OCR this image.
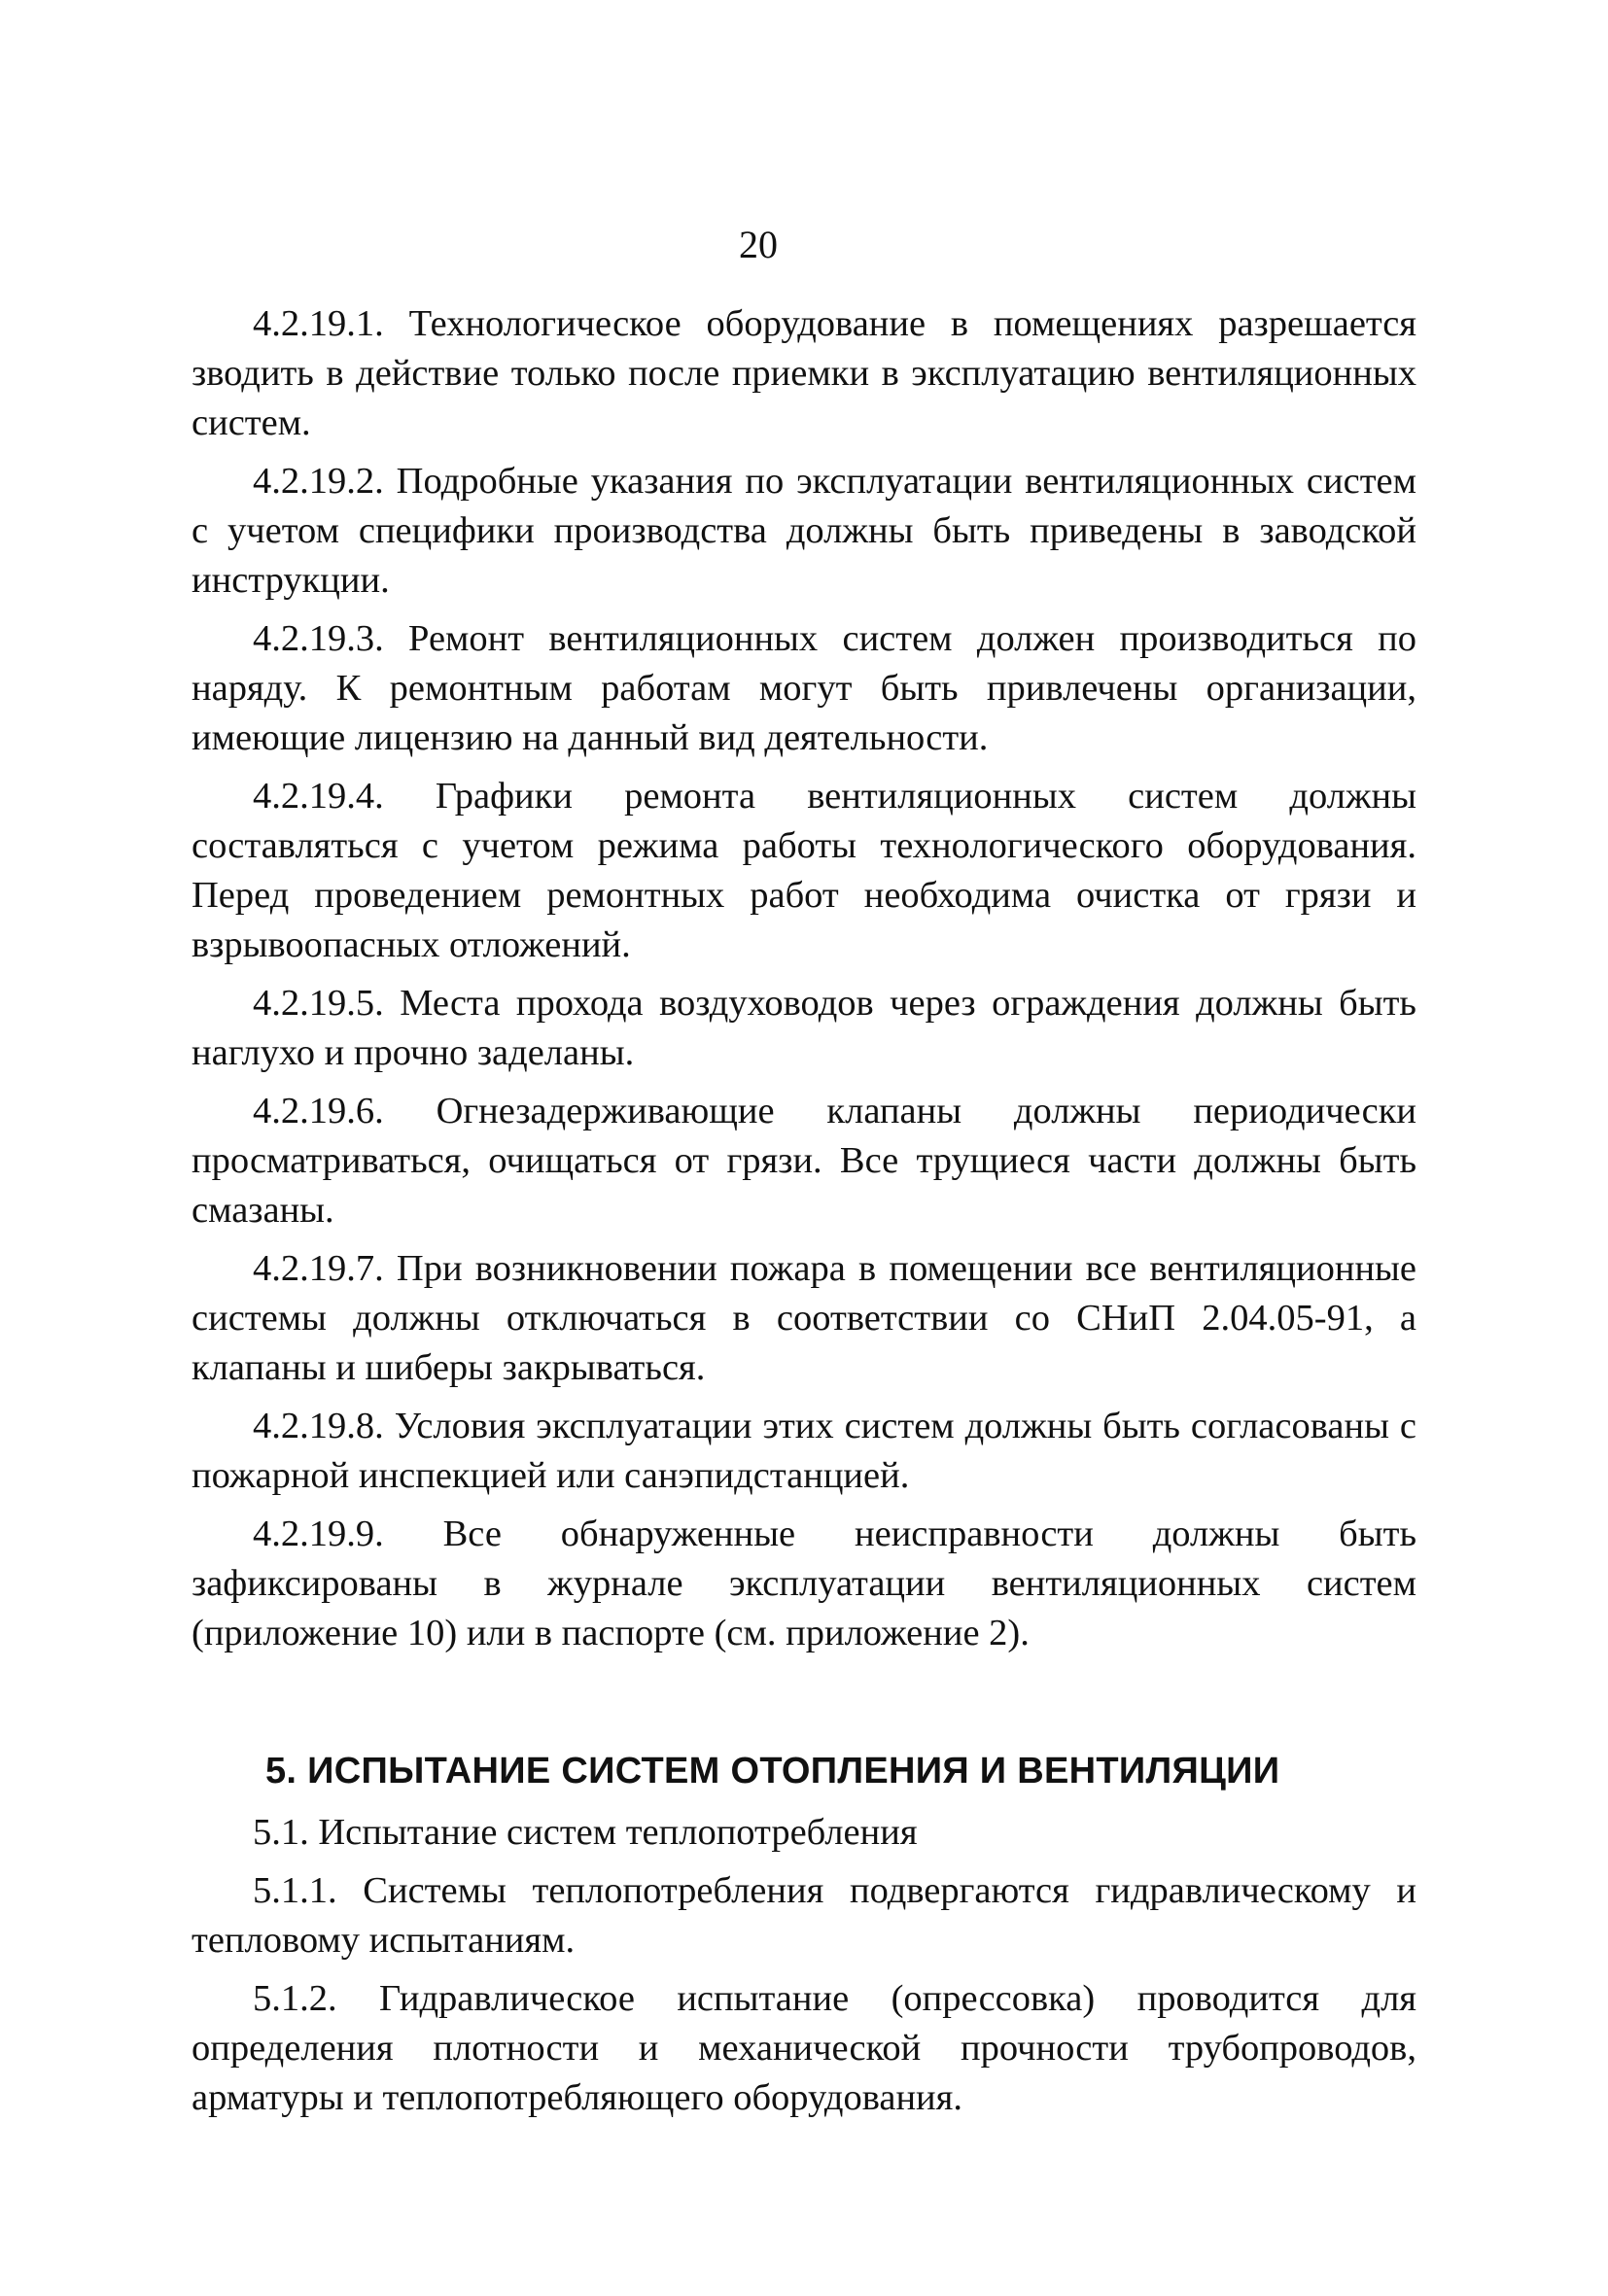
20

4.2.19.1. Технологическое оборудование в помещениях разрешается зводить в действие только после приемки в эксплуатацию вентиляционных систем.

4.2.19.2. Подробные указания по эксплуатации вентиляционных систем с учетом специфики производства должны быть приведены в заводской инструкции.

4.2.19.3. Ремонт вентиляционных систем должен производиться по наряду. К ремонтным работам могут быть привлечены организации, имеющие лицензию на данный вид деятельности.

4.2.19.4. Графики ремонта вентиляционных систем должны составляться с учетом режима работы технологического оборудования. Перед проведением ремонтных работ необходима очистка от грязи и взрывоопасных отложений.

4.2.19.5. Места прохода воздуховодов через ограждения должны быть наглухо и прочно заделаны.

4.2.19.6. Огнезадерживающие клапаны должны периодически просматриваться, очищаться от грязи. Все трущиеся части должны быть смазаны.

4.2.19.7. При возникновении пожара в помещении все вентиляционные системы должны отключаться в соответствии со СНиП 2.04.05-91, а клапаны и шиберы закрываться.

4.2.19.8. Условия эксплуатации этих систем должны быть согласованы с пожарной инспекцией или санэпидстанцией.

4.2.19.9. Все обнаруженные неисправности должны быть зафиксированы в журнале эксплуатации вентиляционных систем (приложение 10) или в паспорте (см. приложение 2).

5. ИСПЫТАНИЕ СИСТЕМ ОТОПЛЕНИЯ И ВЕНТИЛЯЦИИ

5.1. Испытание систем теплопотребления

5.1.1. Системы теплопотребления подвергаются гидравлическому и тепловому испытаниям.

5.1.2. Гидравлическое испытание (опрессовка) проводится для определения плотности и механической прочности трубопроводов, арматуры и теплопотребляющего оборудования.
